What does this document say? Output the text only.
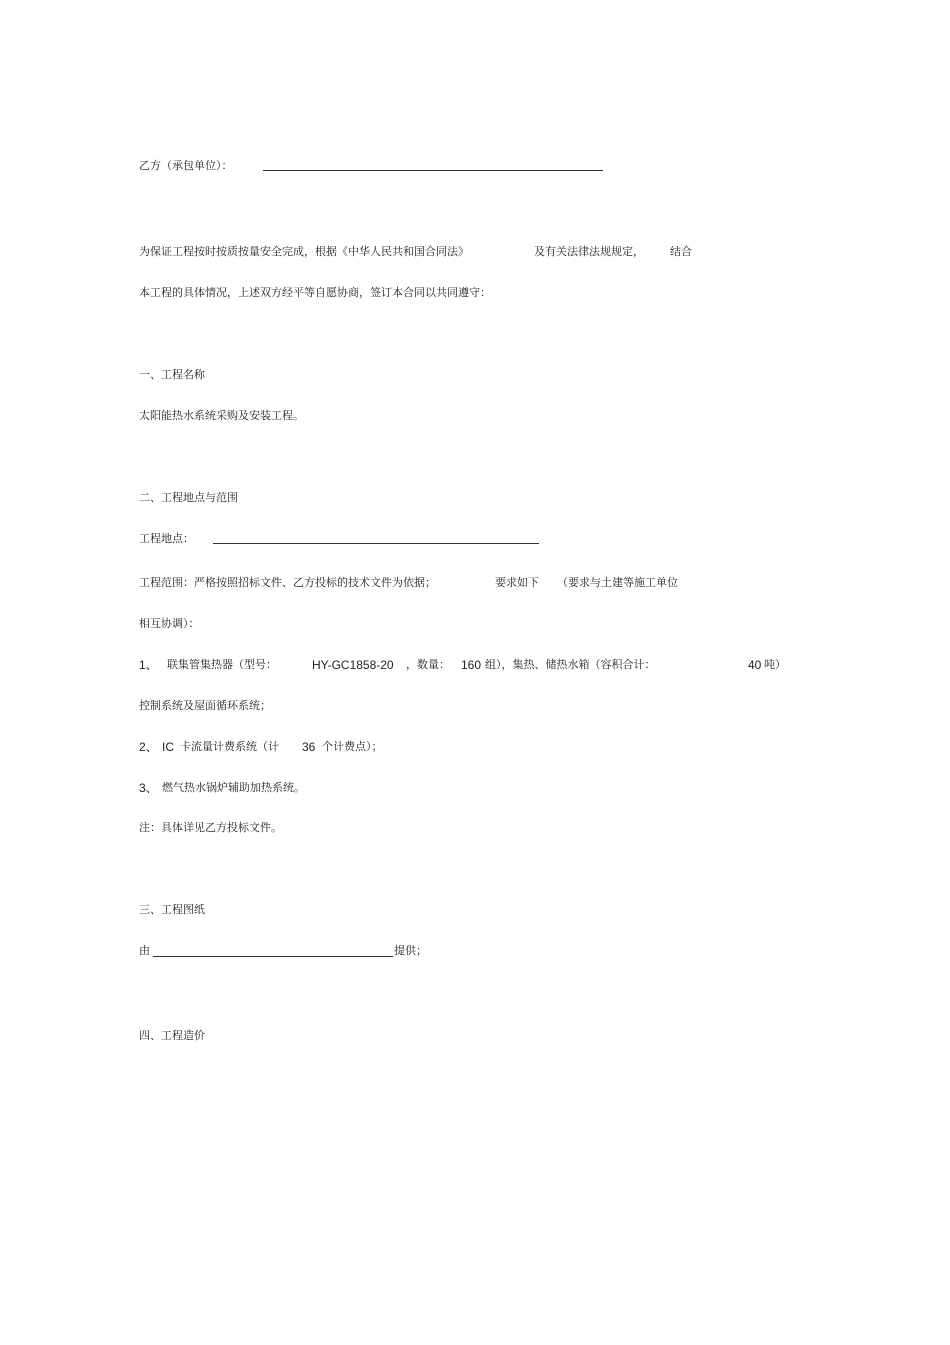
乙方（承包单位）：
为保证工程按时按质按量安全完成，根据《中华人民共和国合同法》	及有关法律法规规定， 结合
本工程的具体情况，上述双方经平等自愿协商，签订本合同以共同遵守：
一、工程名称
太阳能热水系统采购及安装工程。
二、工程地点与范围
工程地点：
工程范围：严格按照招标文件、乙方投标的技术文件为依据；	要求如下 （要求与土建等施工单位
相互协调）：
1、 联集管集热器（型号：	HY-GC1858-20 ，数量： 160 组），集热、储热水箱（容积合计：	40 吨）
控制系统及屋面循环系统；
2、 IC 卡流量计费系统（计 36 个计费点）；
3、 燃气热水锅炉辅助加热系统。
注：具体详见乙方投标文件。
三、工程图纸
由	提供；
四、工程造价
